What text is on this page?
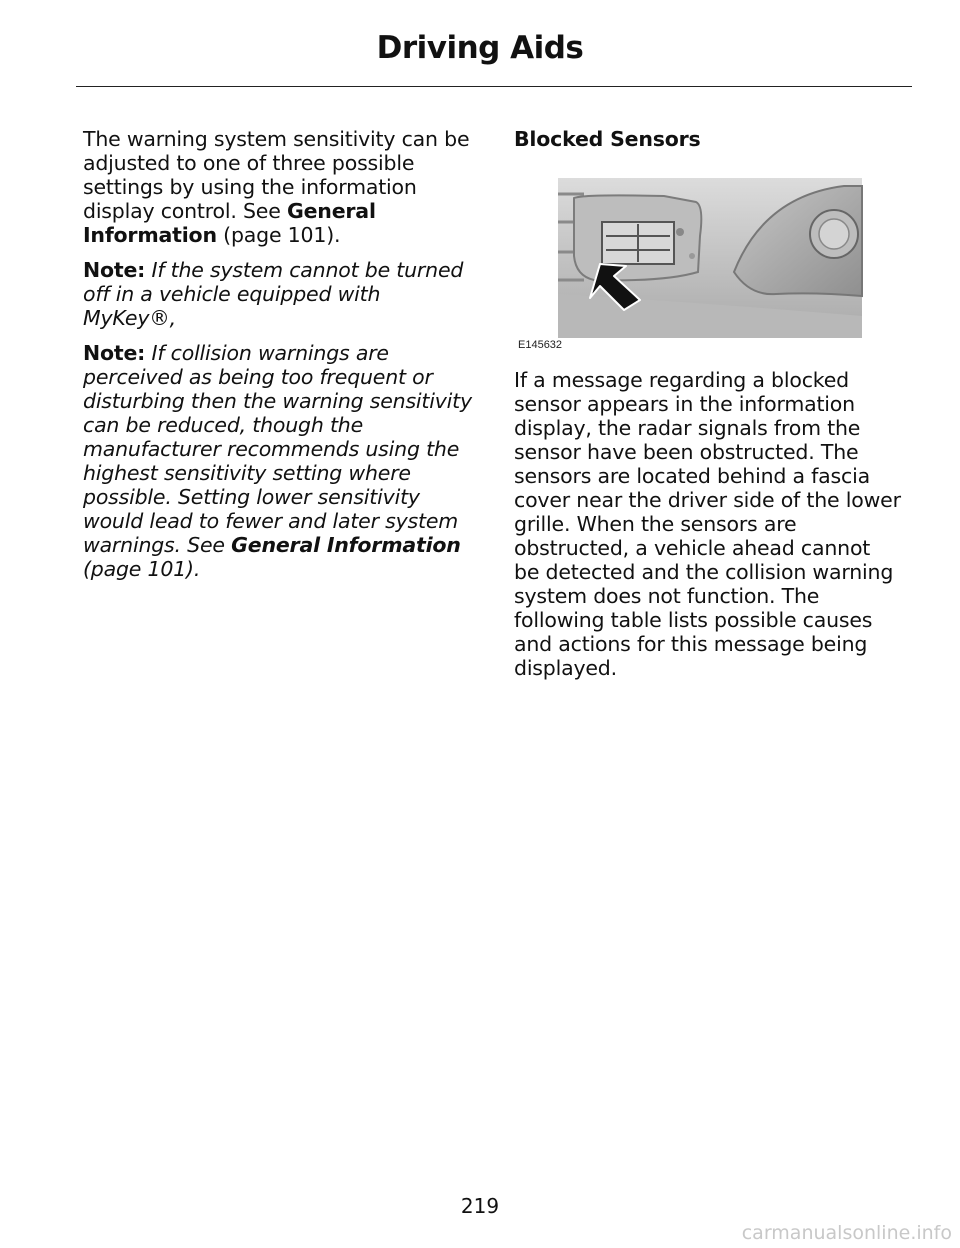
Driving Aids

The warning system sensitivity can be
adjusted to one of three possible
settings by using the information
display control. See General
Information (page 101).

Note: If the system cannot be turned
off in a vehicle equipped with MyKey®,

Note: If collision warnings are
perceived as being too frequent or
disturbing then the warning sensitivity
can be reduced, though the
manufacturer recommends using the
highest sensitivity setting where
possible. Setting lower sensitivity
would lead to fewer and later system
warnings. See General Information
(page 101).

Blocked Sensors

E145632
If a message regarding a blocked
sensor appears in the information
display, the radar signals from the
sensor have been obstructed. The
sensors are located behind a fascia
cover near the driver side of the lower
grille. When the sensors are
obstructed, a vehicle ahead cannot
be detected and the collision warning
system does not function. The
following table lists possible causes
and actions for this message being
displayed.
219
carmanualsonline.info
